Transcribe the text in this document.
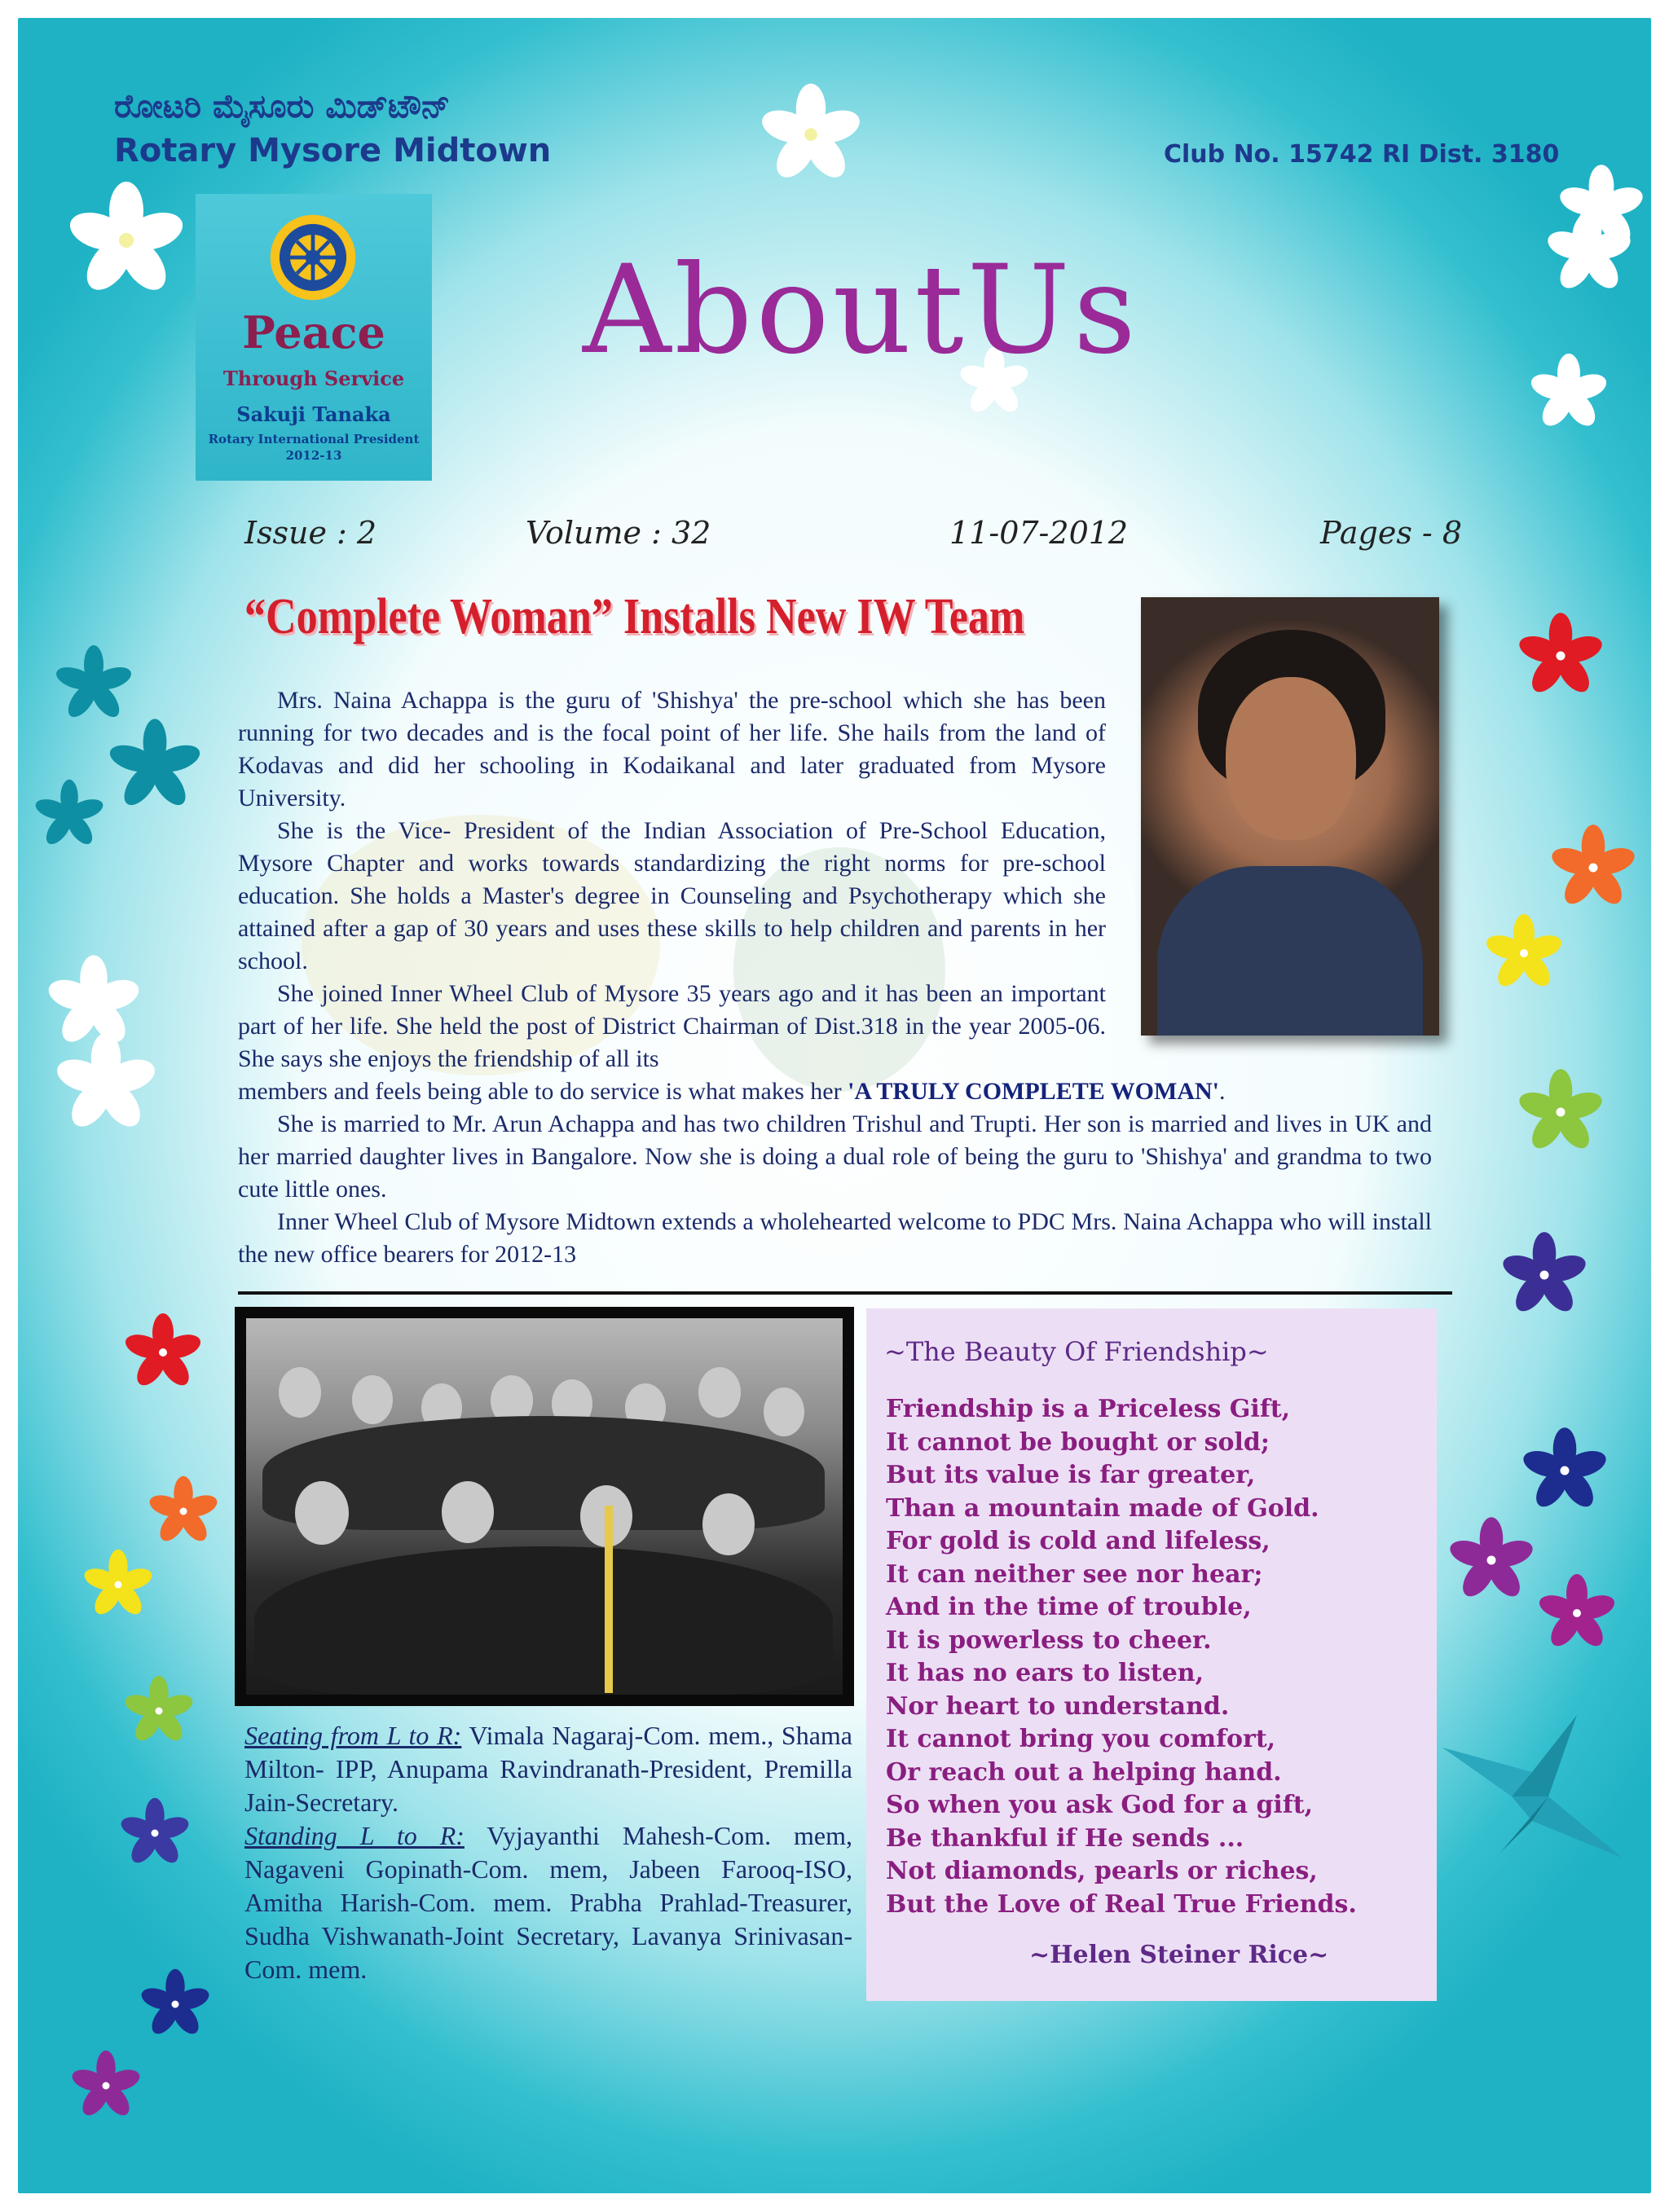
ರೋಟರಿ ಮೈಸೂರು ಮಿಡ್‌ಟೌನ್
Rotary Mysore Midtown	Club No. 15742 RI Dist. 3180
Peace
Through Service
Sakuji Tanaka
Rotary International President
2012-13
AboutUs
Issue : 2	Volume : 32	11-07-2012	Pages - 8
“Complete Woman” Installs New IW Team

Mrs. Naina Achappa is the guru of 'Shishya' the pre-school which she has been running for two decades and is the focal point of her life. She hails from the land of Kodavas and did her schooling in Kodaikanal and later graduated from Mysore University.

She is the Vice- President of the Indian Association of Pre-School Education, Mysore Chapter and works towards standardizing the right norms for pre-school education. She holds a Master's degree in Counseling and Psychotherapy which she attained after a gap of 30 years and uses these skills to help children and parents in her school.

She joined Inner Wheel Club of Mysore 35 years ago and it has been an important part of her life. She held the post of District Chairman of Dist.318 in the year 2005-06. She says she enjoys the friendship of all its

members and feels being able to do service is what makes her 'A TRULY COMPLETE WOMAN'.

She is married to Mr. Arun Achappa and has two children Trishul and Trupti. Her son is married and lives in UK and her married daughter lives in Bangalore. Now she is doing a dual role of being the guru to 'Shishya' and grandma to two cute little ones.

Inner Wheel Club of Mysore Midtown extends a wholehearted welcome to PDC Mrs. Naina Achappa who will install the new office bearers for 2012-13

Seating from L to R: Vimala Nagaraj-Com. mem., Shama Milton- IPP, Anupama Ravindranath-President, Premilla Jain-Secretary.
Standing L to R: Vyjayanthi Mahesh-Com. mem, Nagaveni Gopinath-Com. mem, Jabeen Farooq-ISO, Amitha Harish-Com. mem. Prabha Prahlad-Treasurer, Sudha Vishwanath-Joint Secretary, Lavanya Srinivasan-Com. mem.
~The Beauty Of Friendship~
Friendship is a Priceless Gift,
It cannot be bought or sold;
But its value is far greater,
Than a mountain made of Gold.
For gold is cold and lifeless,
It can neither see nor hear;
And in the time of trouble,
It is powerless to cheer.
It has no ears to listen,
Nor heart to understand.
It cannot bring you comfort,
Or reach out a helping hand.
So when you ask God for a gift,
Be thankful if He sends ...
Not diamonds, pearls or riches,
But the Love of Real True Friends.
~Helen Steiner Rice~
